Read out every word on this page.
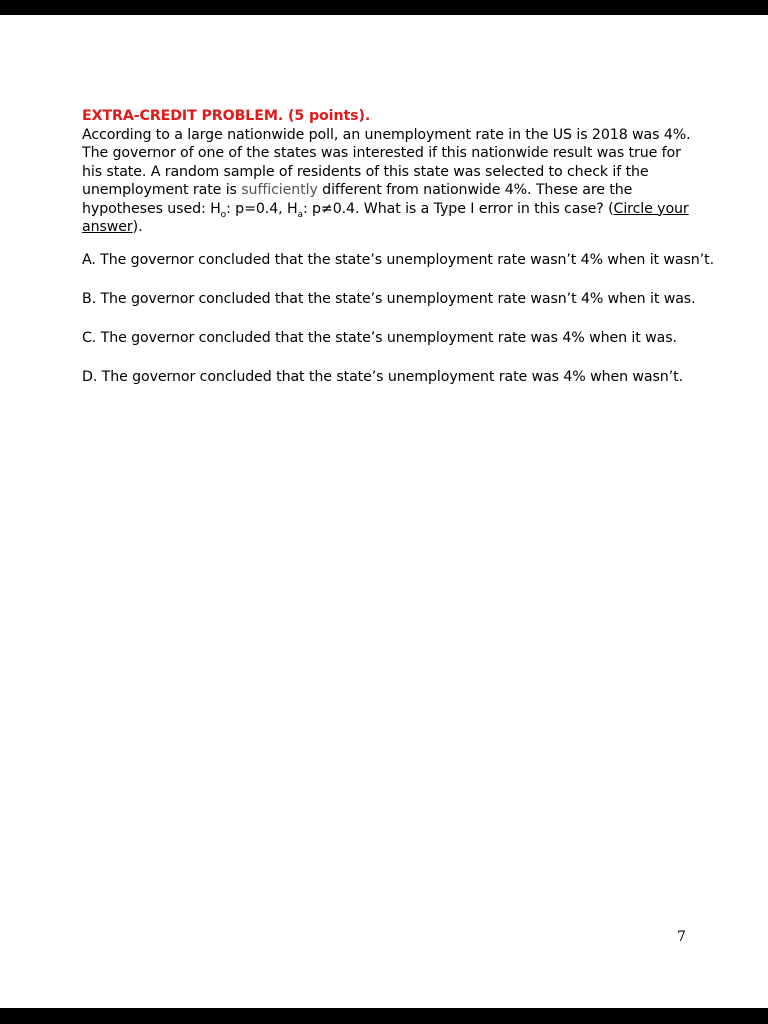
EXTRA-CREDIT PROBLEM. (5 points).
According to a large nationwide poll, an unemployment rate in the US is 2018 was 4%. The governor of one of the states was interested if this nationwide result was true for his state. A random sample of residents of this state was selected to check if the unemployment rate is sufficiently different from nationwide 4%. These are the hypotheses used: $H_o$: p=0.4, $H_a$: p≠0.4. What is a Type I error in this case? (Circle your answer).
A. The governor concluded that the state’s unemployment rate wasn’t 4% when it wasn’t.
B. The governor concluded that the state’s unemployment rate wasn’t 4% when it was.
C. The governor concluded that the state’s unemployment rate was 4% when it was.
D. The governor concluded that the state’s unemployment rate was 4% when wasn’t.
7
